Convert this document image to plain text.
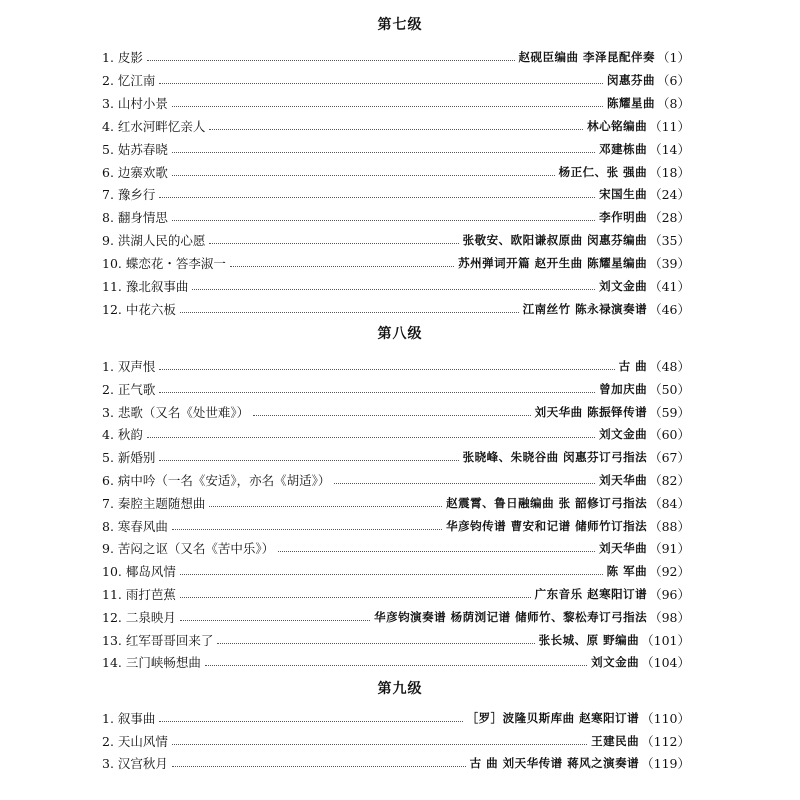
第七级
1. 皮影	赵砚臣编曲 李泽昆配伴奏 （1）
2. 忆江南	闵惠芬曲 （6）
3. 山村小景	陈耀星曲 （8）
4. 红水河畔忆亲人	林心铭编曲 （11）
5. 姑苏春晓	邓建栋曲 （14）
6. 边寨欢歌	杨正仁、张 强曲 （18）
7. 豫乡行	宋国生曲 （24）
8. 翻身情思	李作明曲 （28）
9. 洪湖人民的心愿	张敬安、欧阳谦叔原曲 闵惠芬编曲 （35）
10. 蝶恋花・答李淑一	苏州弹词开篇 赵开生曲 陈耀星编曲 （39）
11. 豫北叙事曲	刘文金曲 （41）
12. 中花六板	江南丝竹 陈永禄演奏谱 （46）
第八级
1. 双声恨	古 曲 （48）
2. 正气歌	曾加庆曲 （50）
3. 悲歌（又名《处世难》）	刘天华曲 陈振铎传谱 （59）
4. 秋韵	刘文金曲 （60）
5. 新婚别	张晓峰、朱晓谷曲 闵惠芬订弓指法 （67）
6. 病中吟（一名《安适》，亦名《胡适》）	刘天华曲 （82）
7. 秦腔主题随想曲	赵震霄、鲁日融编曲 张 韶修订弓指法 （84）
8. 寒春风曲	华彦钧传谱 曹安和记谱 储师竹订指法 （88）
9. 苦闷之讴（又名《苦中乐》）	刘天华曲 （91）
10. 椰岛风情	陈 军曲 （92）
11. 雨打芭蕉	广东音乐 赵寒阳订谱 （96）
12. 二泉映月	华彦钧演奏谱 杨荫浏记谱 储师竹、黎松寿订弓指法 （98）
13. 红军哥哥回来了	张长城、原 野编曲 （101）
14. 三门峡畅想曲	刘文金曲 （104）
第九级
1. 叙事曲	［罗］波隆贝斯库曲 赵寒阳订谱 （110）
2. 天山风情	王建民曲 （112）
3. 汉宫秋月	古 曲 刘天华传谱 蒋风之演奏谱 （119）
